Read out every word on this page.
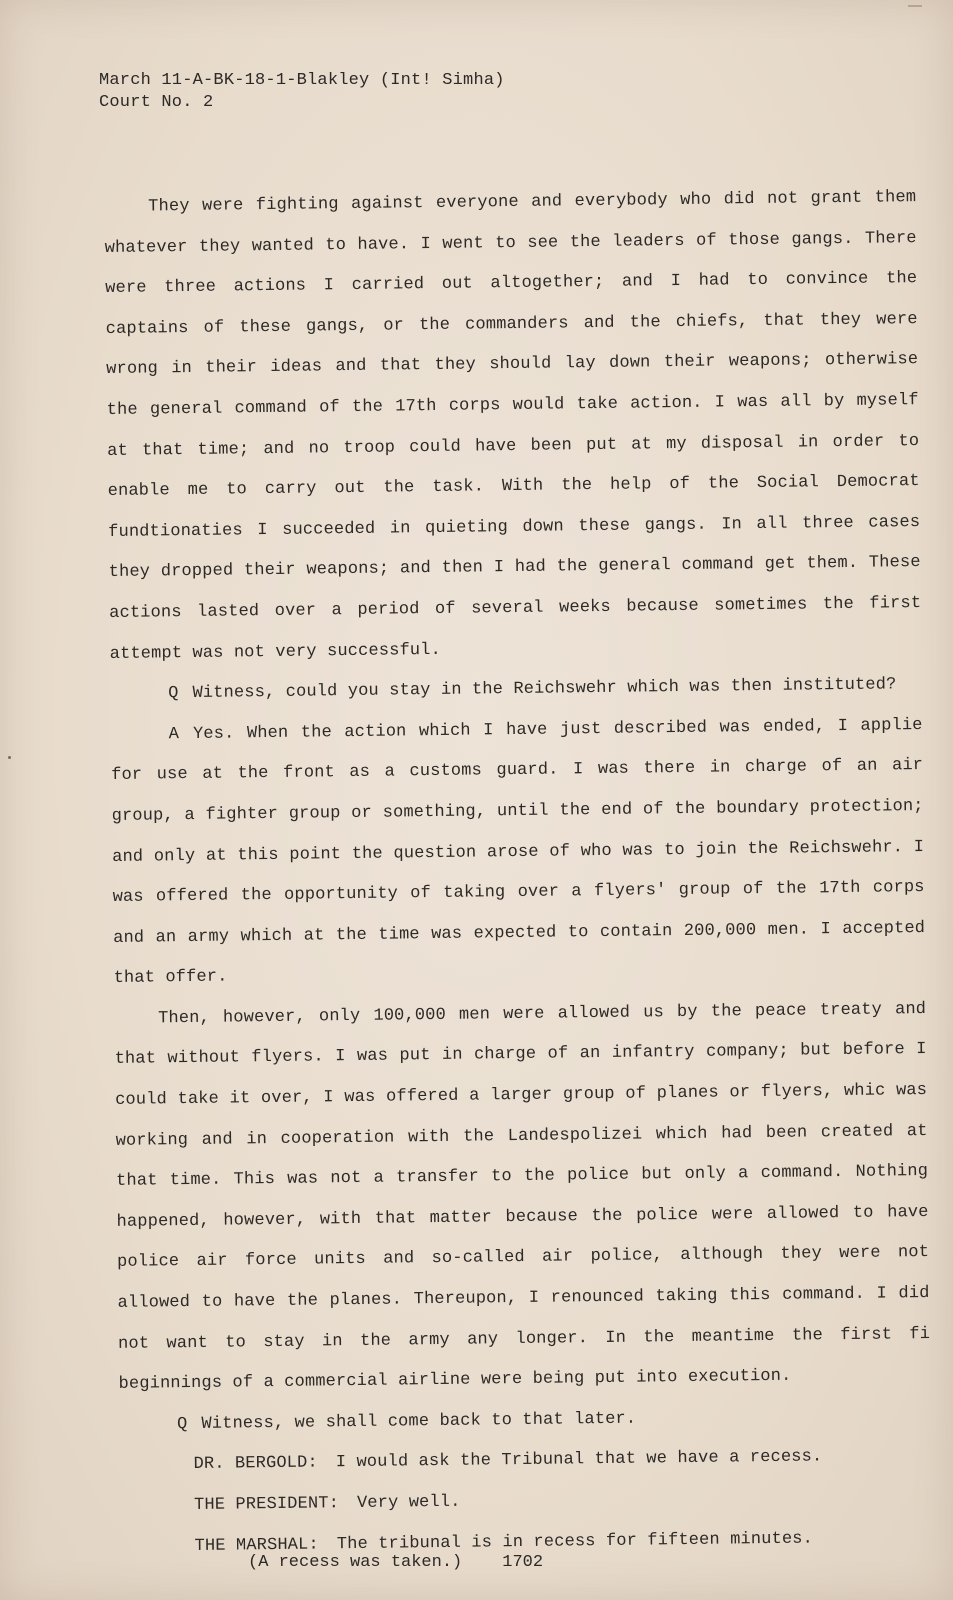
March 11-A-BK-18-1-Blakley (Int! Simha)
Court No. 2

They were fighting against everyone and everybody who did not grant them whatever they wanted to have. I went to see the leaders of those gangs. There were three actions I carried out altogether; and I had to convince the captains of these gangs, or the commanders and the chiefs, that they were wrong in their ideas and that they should lay down their weapons; otherwise the general command of the 17th corps would take action. I was all by myself at that time; and no troop could have been put at my disposal in order to enable me to carry out the task. With the help of the Social Democrat fundtionaties I succeeded in quieting down these gangs. In all three cases they dropped their weapons; and then I had the general command get them. These actions lasted over a period of several weeks because sometimes the first attempt was not very successful.

Q Witness, could you stay in the Reichswehr which was then instituted?

A Yes. When the action which I have just described was ended, I applie for use at the front as a customs guard. I was there in charge of an air group, a fighter group or something, until the end of the boundary protection; and only at this point the question arose of who was to join the Reichswehr. I was offered the opportunity of taking over a flyers' group of the 17th corps and an army which at the time was expected to contain 200,000 men. I accepted that offer.

Then, however, only 100,000 men were allowed us by the peace treaty and that without flyers. I was put in charge of an infantry company; but before I could take it over, I was offered a larger group of planes or flyers, whic was working and in cooperation with the Landespolizei which had been created at that time. This was not a transfer to the police but only a command. Nothing happened, however, with that matter because the police were allowed to have police air force units and so-called air police, although they were not allowed to have the planes. Thereupon, I renounced taking this command. I did not want to stay in the army any longer. In the meantime the first fi beginnings of a commercial airline were being put into execution.

Q Witness, we shall come back to that later.

DR. BERGOLD: I would ask the Tribunal that we have a recess.

THE PRESIDENT: Very well.

THE MARSHAL: The tribunal is in recess for fifteen minutes.

(A recess was taken.) 1702
